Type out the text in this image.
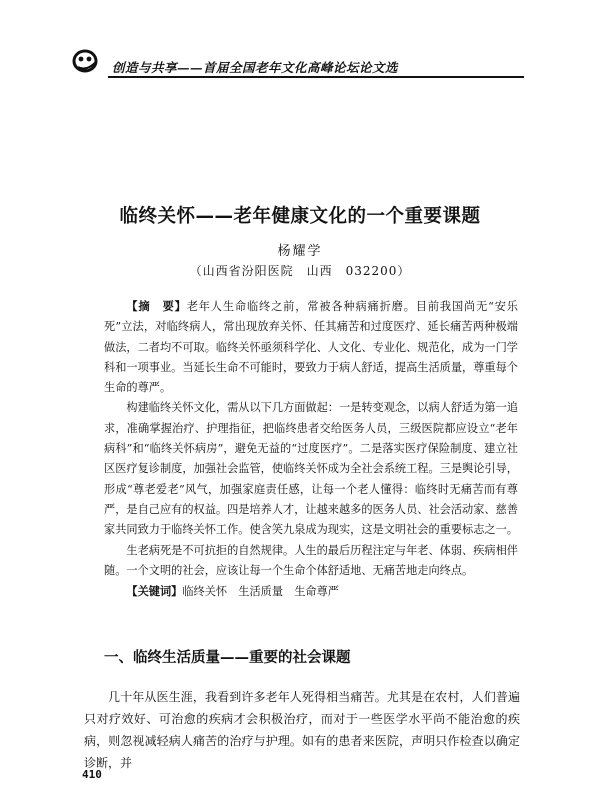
创造与共享——首届全国老年文化高峰论坛论文选
临终关怀——老年健康文化的一个重要课题
杨耀学
（山西省汾阳医院　山西　032200）

【摘　要】老年人生命临终之前，常被各种病痛折磨。目前我国尚无“安乐死”立法，对临终病人，常出现放弃关怀、任其痛苦和过度医疗、延长痛苦两种极端做法，二者均不可取。临终关怀亟须科学化、人文化、专业化、规范化，成为一门学科和一项事业。当延长生命不可能时，要致力于病人舒适，提高生活质量，尊重每个生命的尊严。

构建临终关怀文化，需从以下几方面做起：一是转变观念，以病人舒适为第一追求，准确掌握治疗、护理指征，把临终患者交给医务人员，三级医院都应设立“老年病科”和“临终关怀病房”，避免无益的“过度医疗”。二是落实医疗保险制度、建立社区医疗复诊制度，加强社会监管，使临终关怀成为全社会系统工程。三是舆论引导，形成“尊老爱老”风气，加强家庭责任感，让每一个老人懂得：临终时无痛苦而有尊严，是自己应有的权益。四是培养人才，让越来越多的医务人员、社会活动家、慈善家共同致力于临终关怀工作。使含笑九泉成为现实，这是文明社会的重要标志之一。

生老病死是不可抗拒的自然规律。人生的最后历程注定与年老、体弱、疾病相伴随。一个文明的社会，应该让每一个生命个体舒适地、无痛苦地走向终点。

【关键词】临终关怀　生活质量　生命尊严

一、临终生活质量——重要的社会课题

几十年从医生涯，我看到许多老年人死得相当痛苦。尤其是在农村，人们普遍只对疗效好、可治愈的疾病才会积极治疗，而对于一些医学水平尚不能治愈的疾病，则忽视减轻病人痛苦的治疗与护理。如有的患者来医院，声明只作检查以确定诊断，并

410
